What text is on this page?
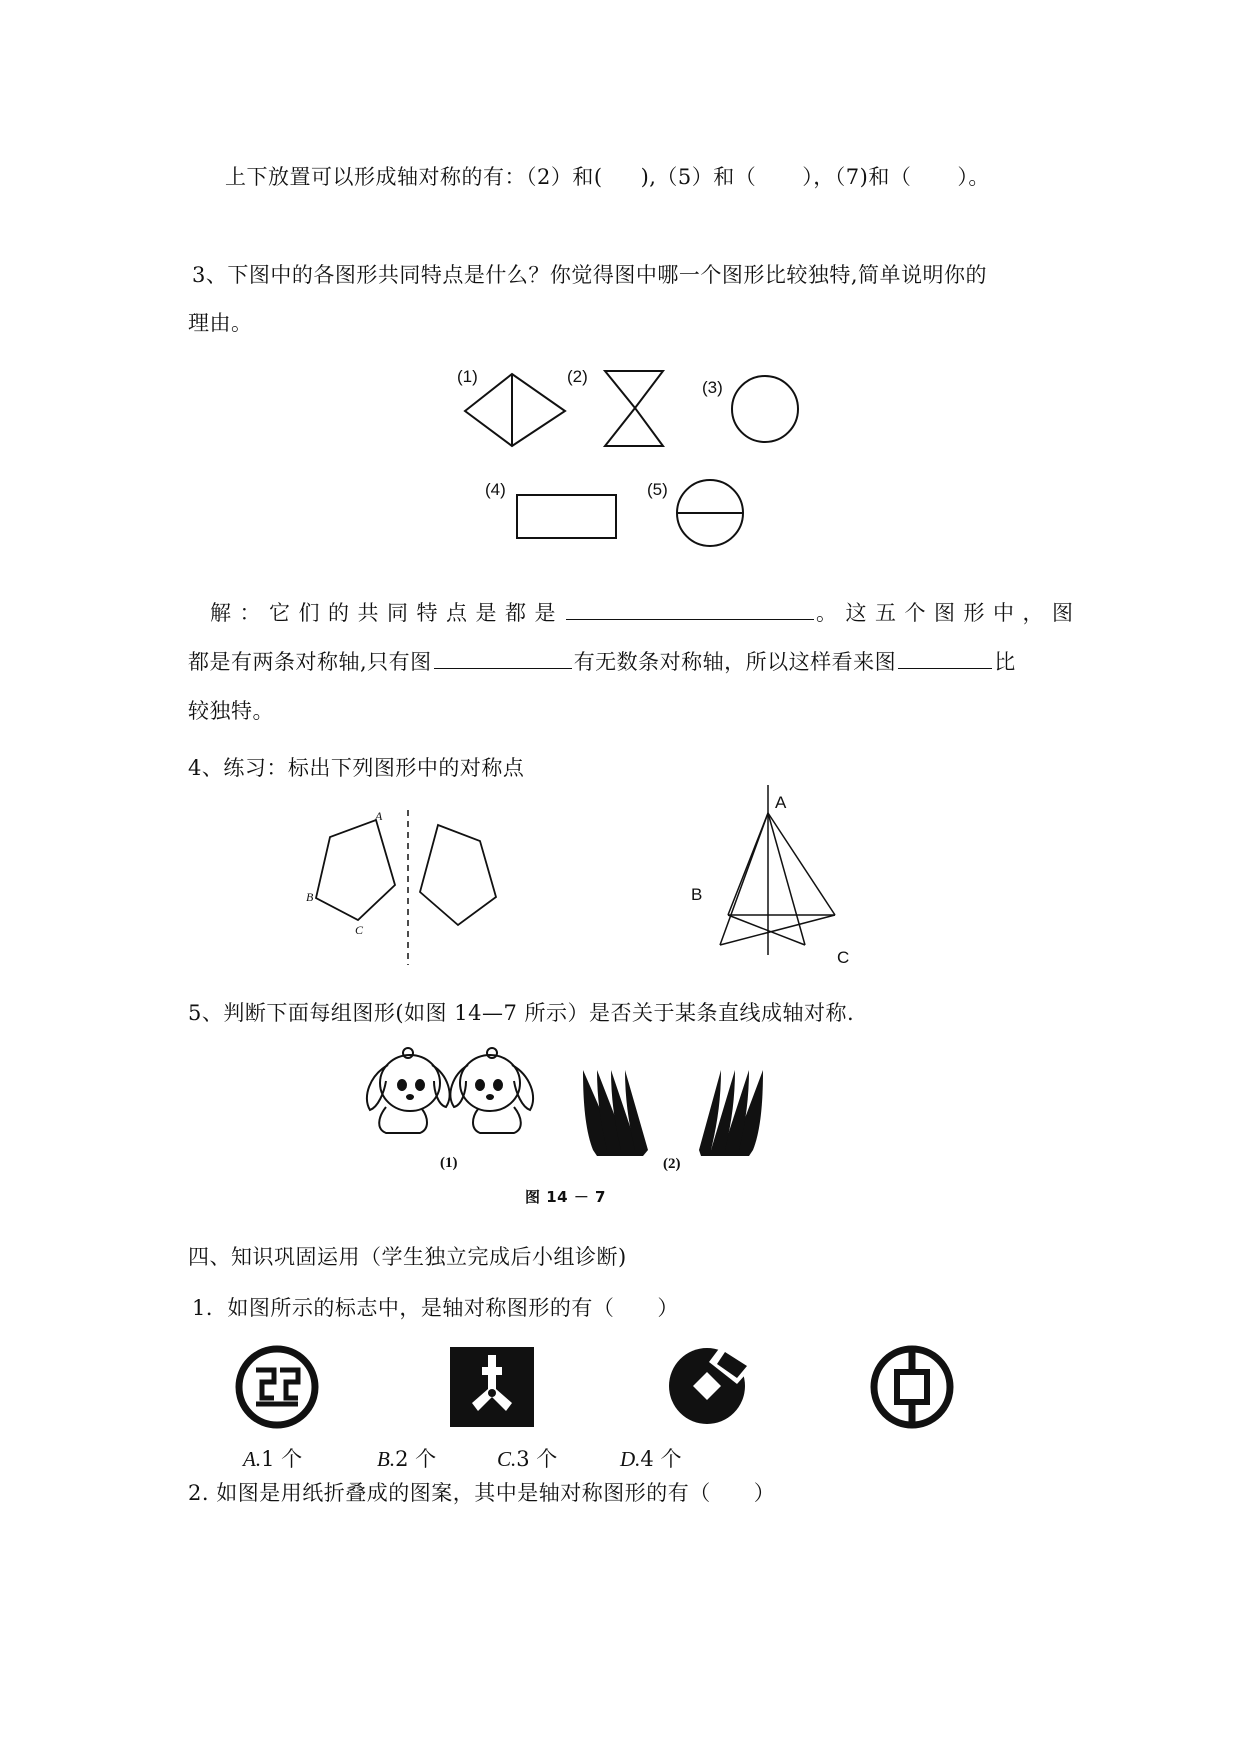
上下放置可以形成轴对称的有：（2）和( ),（5）和（ ），（7)和（ ）。
3、下图中的各图形共同特点是什么？你觉得图中哪一个图形比较独特,简单说明你的
理由。
(1)	(2)
(3)
(4)	(5)
解：它们的共同特点是都是	。这五个图形中，图
都是有两条对称轴,只有图	有无数条对称轴，所以这样看来图	比
较独特。
4、练习：标出下列图形中的对称点
A
B
C
A
B
C
5、判断下面每组图形(如图 14—7 所示）是否关于某条直线成轴对称.
(1)	(2)
图 14 － 7
四、知识巩固运用（学生独立完成后小组诊断)
1．如图所示的标志中，是轴对称图形的有（　　）
A.1 个	B.2 个	C.3 个	D.4 个
2. 如图是用纸折叠成的图案，其中是轴对称图形的有（　　）
